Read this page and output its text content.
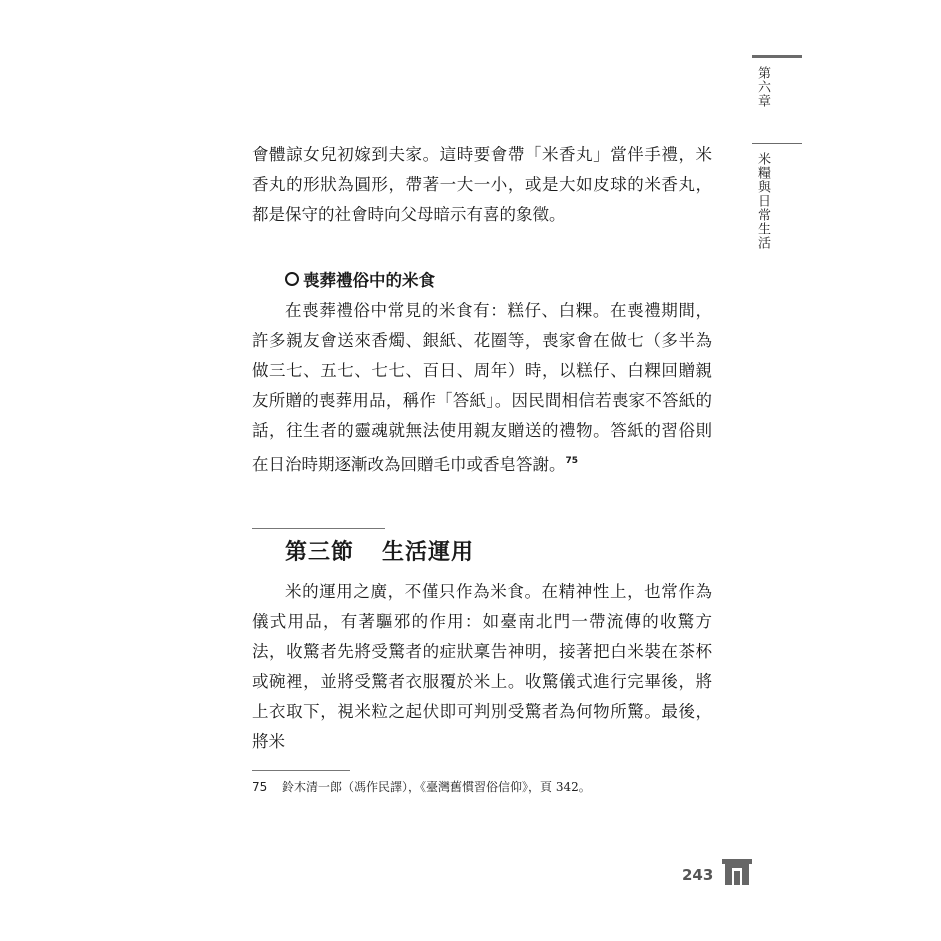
第六章
米糧與日常生活

會體諒女兒初嫁到夫家。這時要會帶「米香丸」當伴手禮，米香丸的形狀為圓形，帶著一大一小，或是大如皮球的米香丸，都是保守的社會時向父母暗示有喜的象徵。

喪葬禮俗中的米食

在喪葬禮俗中常見的米食有：糕仔、白粿。在喪禮期間，許多親友會送來香燭、銀紙、花圈等，喪家會在做七（多半為做三七、五七、七七、百日、周年）時，以糕仔、白粿回贈親友所贈的喪葬用品，稱作「答紙」。因民間相信若喪家不答紙的話，往生者的靈魂就無法使用親友贈送的禮物。答紙的習俗則在日治時期逐漸改為回贈毛巾或香皂答謝。$^{75}$

第三節 生活運用

米的運用之廣，不僅只作為米食。在精神性上，也常作為儀式用品，有著驅邪的作用：如臺南北門一帶流傳的收驚方法，收驚者先將受驚者的症狀稟告神明，接著把白米裝在茶杯或碗裡，並將受驚者衣服覆於米上。收驚儀式進行完畢後，將上衣取下，視米粒之起伏即可判別受驚者為何物所驚。最後，將米

75 鈴木清一郎（馮作民譯），《臺灣舊慣習俗信仰》，頁 342。

243
